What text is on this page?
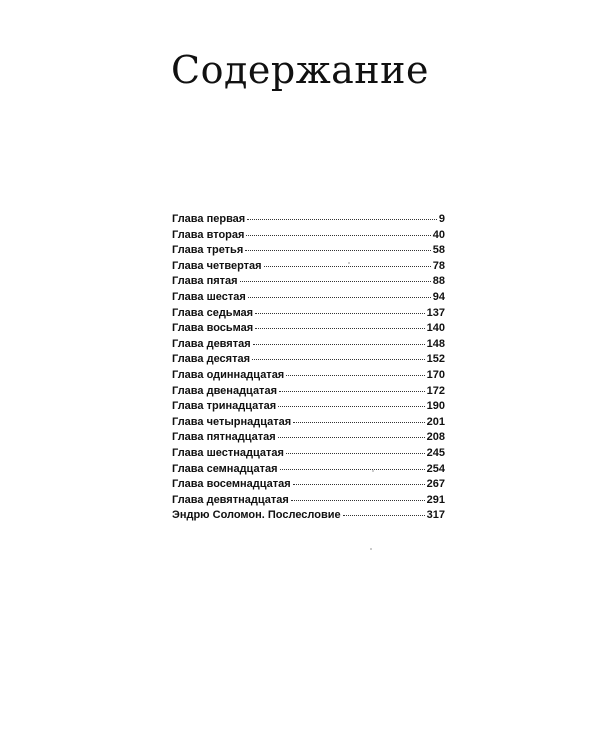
Содержание
Глава первая	9
Глава вторая	40
Глава третья	58
Глава четвертая	78
Глава пятая	88
Глава шестая	94
Глава седьмая	137
Глава восьмая	140
Глава девятая	148
Глава десятая	152
Глава одиннадцатая	170
Глава двенадцатая	172
Глава тринадцатая	190
Глава четырнадцатая	201
Глава пятнадцатая	208
Глава шестнадцатая	245
Глава семнадцатая	254
Глава восемнадцатая	267
Глава девятнадцатая	291
Эндрю Соломон. Послесловие	317
